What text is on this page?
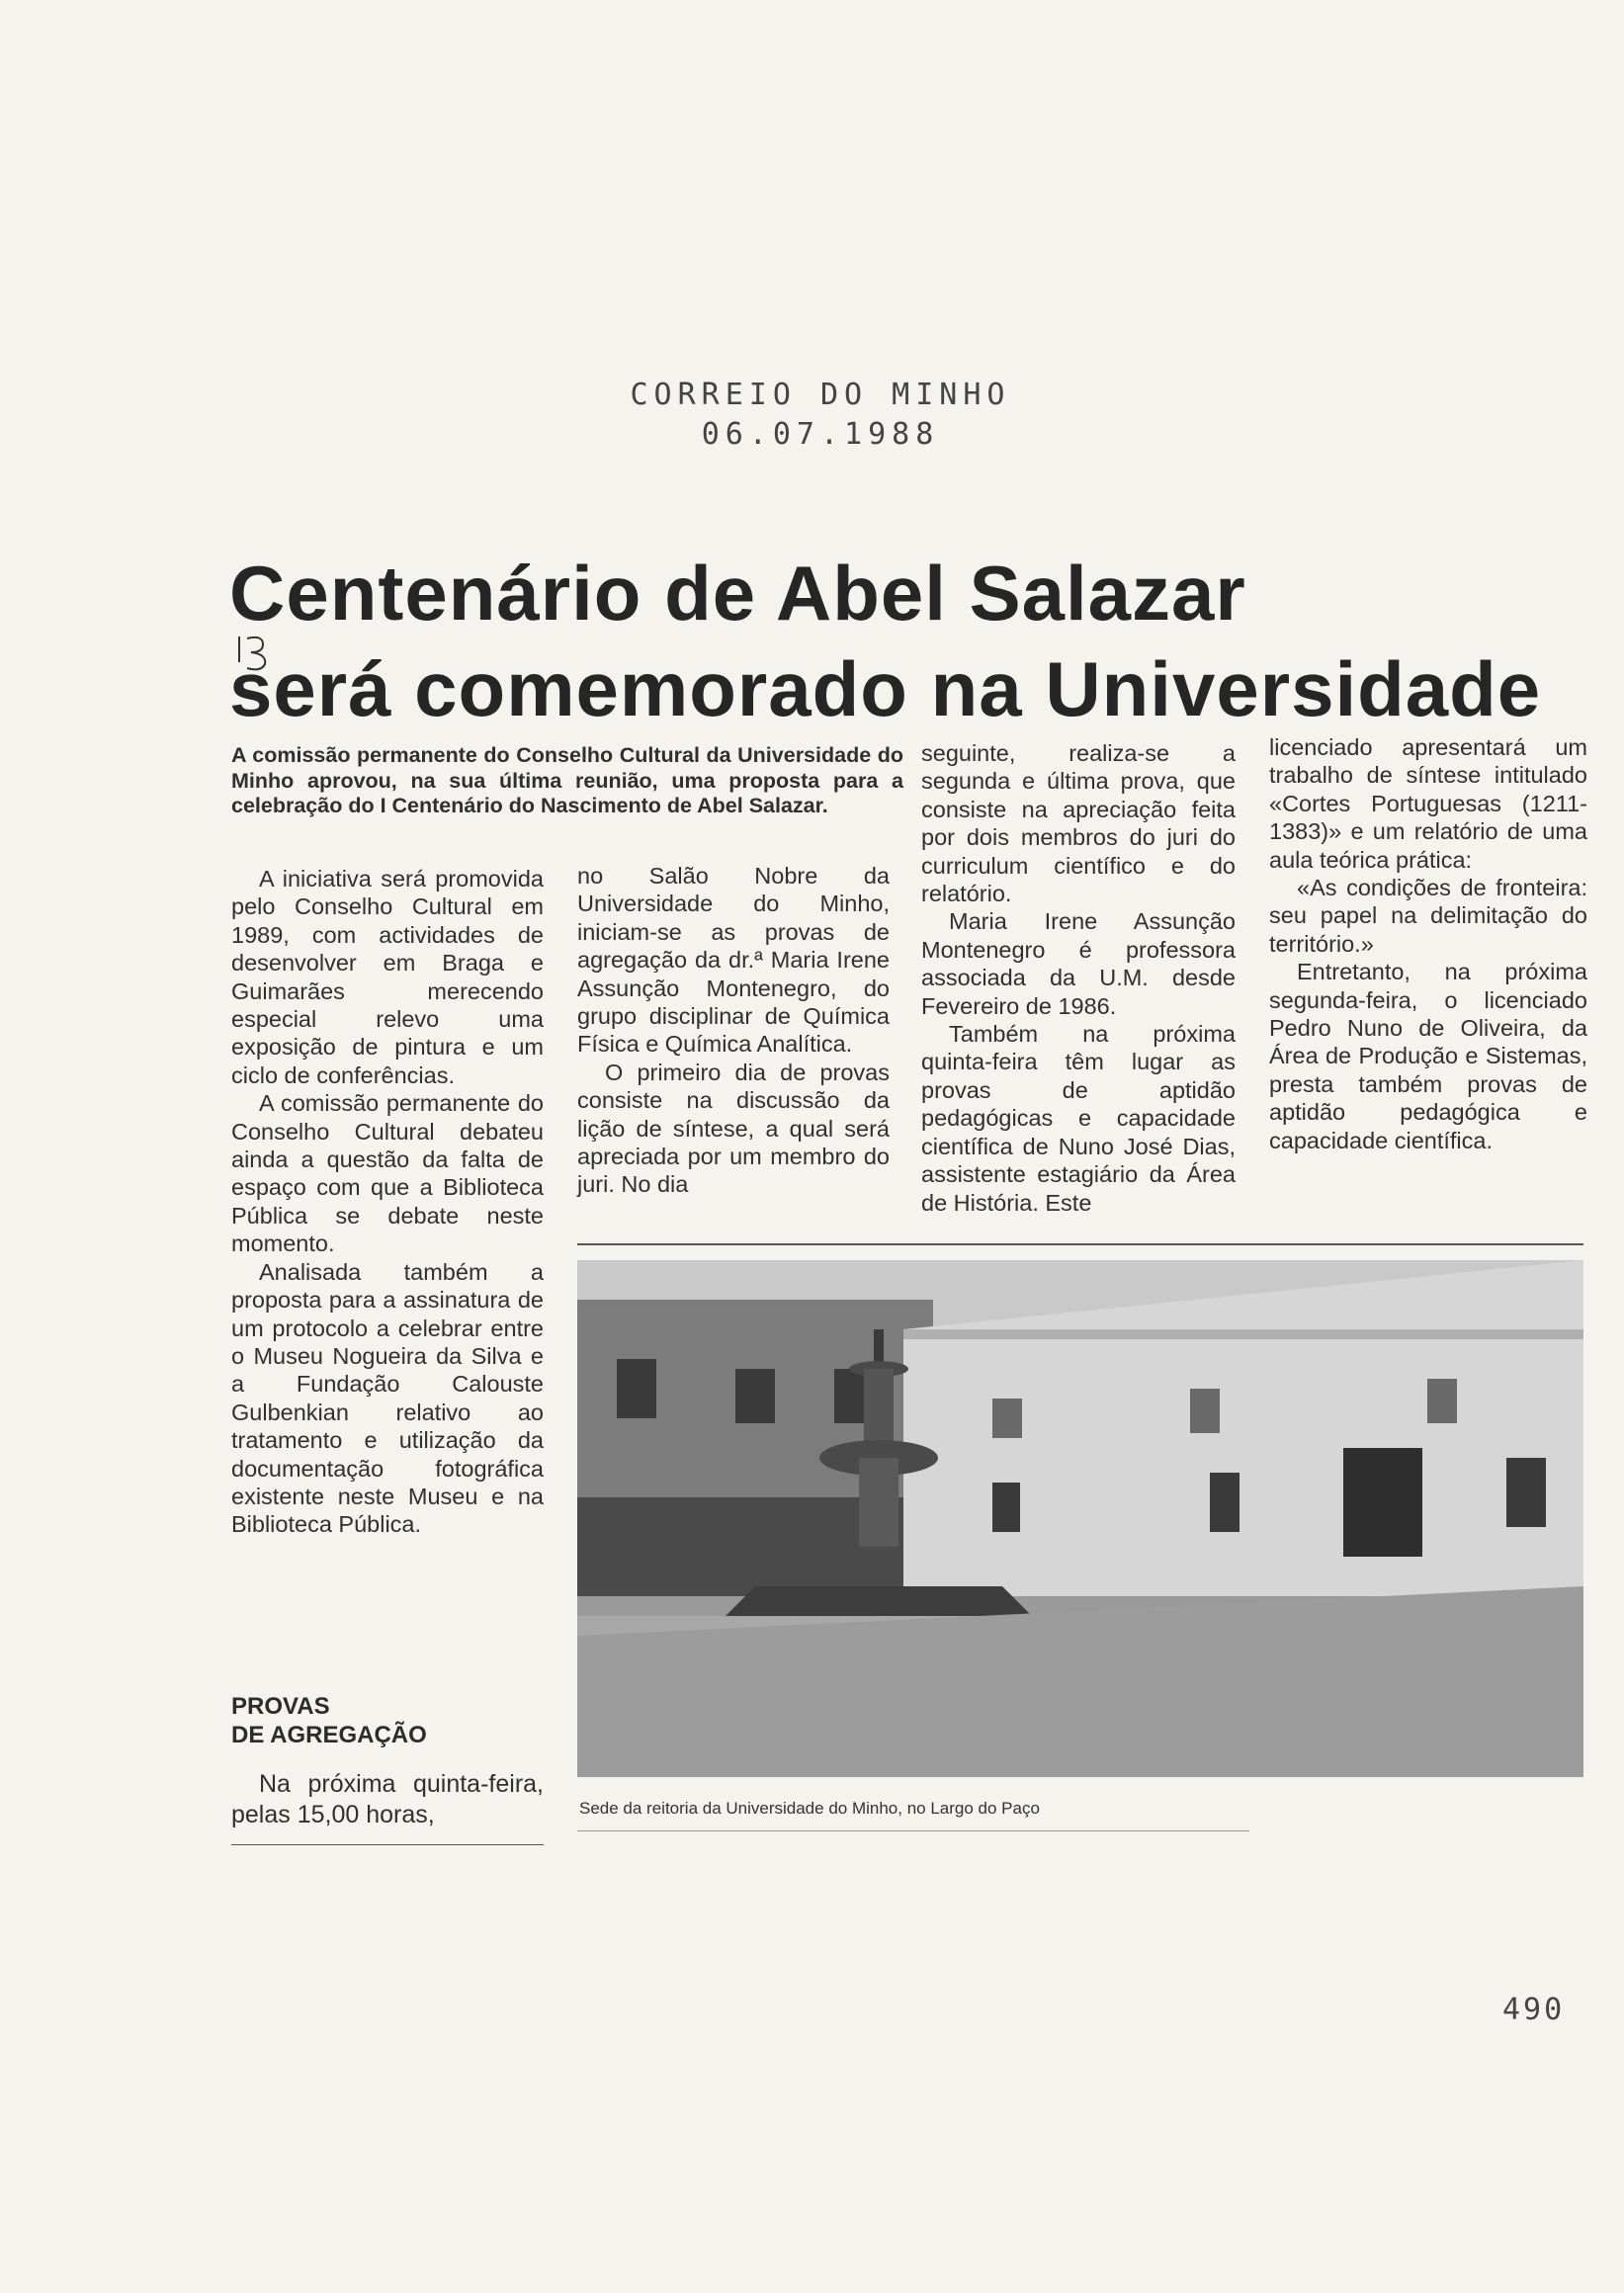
CORREIO DO MINHO
06.07.1988
Centenário de Abel Salazar
será comemorado na Universidade

A comissão permanente do Conselho Cultural da Universidade do Minho aprovou, na sua última reunião, uma proposta para a celebração do I Centenário do Nascimento de Abel Salazar.

A iniciativa será promovida pelo Conselho Cultural em 1989, com actividades de desenvolver em Braga e Guimarães merecendo especial relevo uma exposição de pintura e um ciclo de conferências.

A comissão permanente do Conselho Cultural debateu ainda a questão da falta de espaço com que a Biblioteca Pública se debate neste momento.

Analisada também a proposta para a assinatura de um protocolo a celebrar entre o Museu Nogueira da Silva e a Fundação Calouste Gulbenkian relativo ao tratamento e utilização da documentação fotográfica existente neste Museu e na Biblioteca Pública.

PROVAS
DE AGREGAÇÃO

Na próxima quinta-feira, pelas 15,00 horas,

no Salão Nobre da Universidade do Minho, iniciam-se as provas de agregação da dr.ª Maria Irene Assunção Montenegro, do grupo disciplinar de Química Física e Química Analítica.

O primeiro dia de provas consiste na discussão da lição de síntese, a qual será apreciada por um membro do juri. No dia

seguinte, realiza-se a segunda e última prova, que consiste na apreciação feita por dois membros do juri do curriculum científico e do relatório.

Maria Irene Assunção Montenegro é professora associada da U.M. desde Fevereiro de 1986.

Também na próxima quinta-feira têm lugar as provas de aptidão pedagógicas e capacidade científica de Nuno José Dias, assistente estagiário da Área de História. Este

licenciado apresentará um trabalho de síntese intitulado «Cortes Portuguesas (1211-1383)» e um relatório de uma aula teórica prática:

«As condições de fronteira: seu papel na delimitação do território.»

Entretanto, na próxima segunda-feira, o licenciado Pedro Nuno de Oliveira, da Área de Produção e Sistemas, presta também provas de aptidão pedagógica e capacidade científica.

Sede da reitoria da Universidade do Minho, no Largo do Paço
490
